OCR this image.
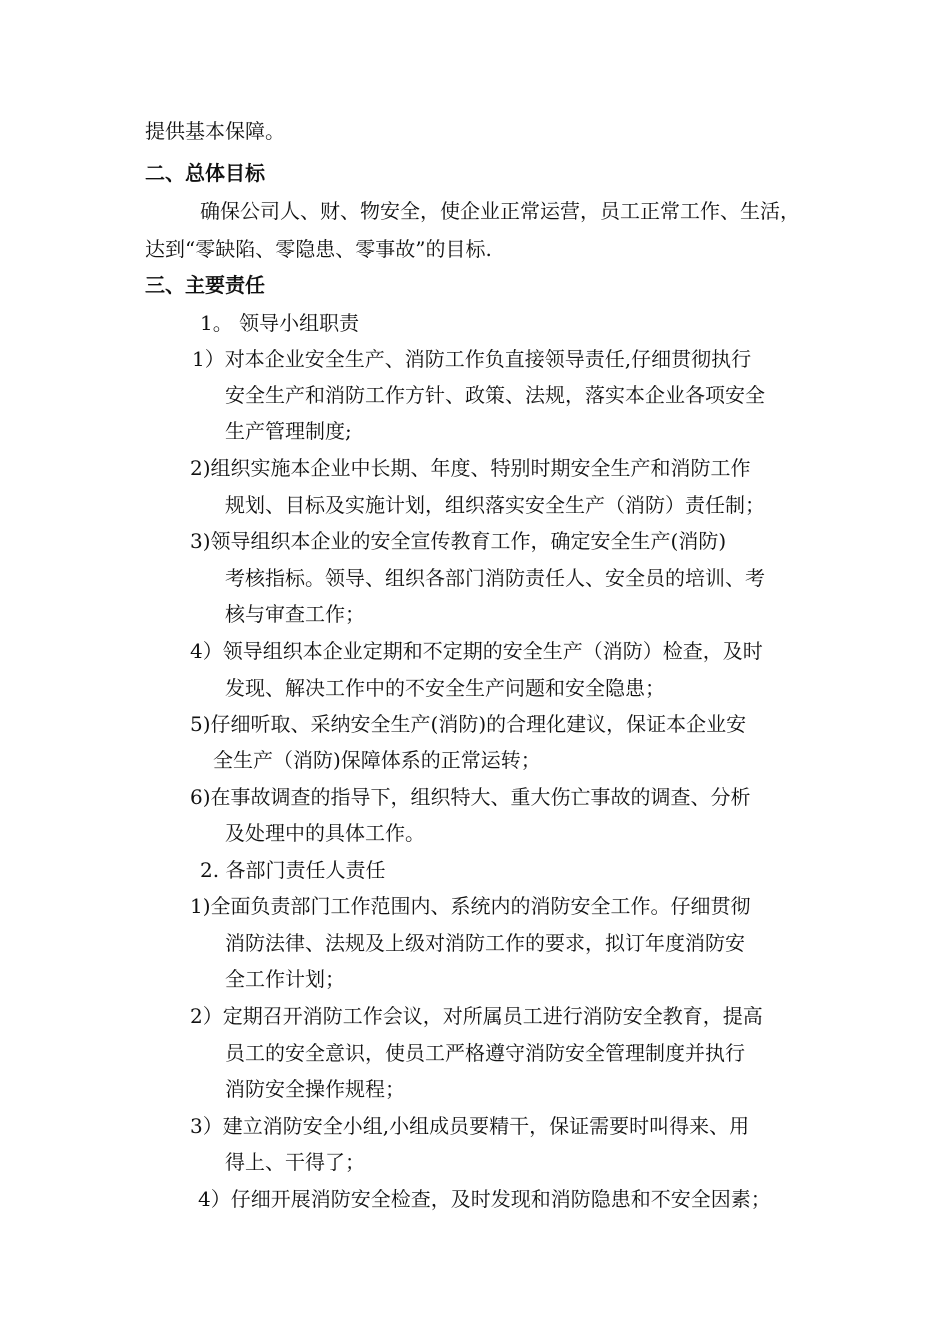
提供基本保障。
二、总体目标
确保公司人、财、物安全，使企业正常运营，员工正常工作、生活，
达到“零缺陷、零隐患、零事故”的目标.
三、主要责任
1。 领导小组职责
1）对本企业安全生产、消防工作负直接领导责任,仔细贯彻执行
安全生产和消防工作方针、政策、法规，落实本企业各项安全
生产管理制度;
2)组织实施本企业中长期、年度、特别时期安全生产和消防工作
规划、目标及实施计划，组织落实安全生产（消防）责任制；
3)领导组织本企业的安全宣传教育工作，确定安全生产(消防)
考核指标。领导、组织各部门消防责任人、安全员的培训、考
核与审查工作；
4）领导组织本企业定期和不定期的安全生产（消防）检查，及时
发现、解决工作中的不安全生产问题和安全隐患；
5)仔细听取、采纳安全生产(消防)的合理化建议，保证本企业安
全生产（消防)保障体系的正常运转；
6)在事故调查的指导下，组织特大、重大伤亡事故的调查、分析
及处理中的具体工作。
2. 各部门责任人责任
1)全面负责部门工作范围内、系统内的消防安全工作。仔细贯彻
消防法律、法规及上级对消防工作的要求，拟订年度消防安
全工作计划；
2）定期召开消防工作会议，对所属员工进行消防安全教育，提高
员工的安全意识，使员工严格遵守消防安全管理制度并执行
消防安全操作规程；
3）建立消防安全小组,小组成员要精干，保证需要时叫得来、用
得上、干得了；
4）仔细开展消防安全检查，及时发现和消防隐患和不安全因素；
